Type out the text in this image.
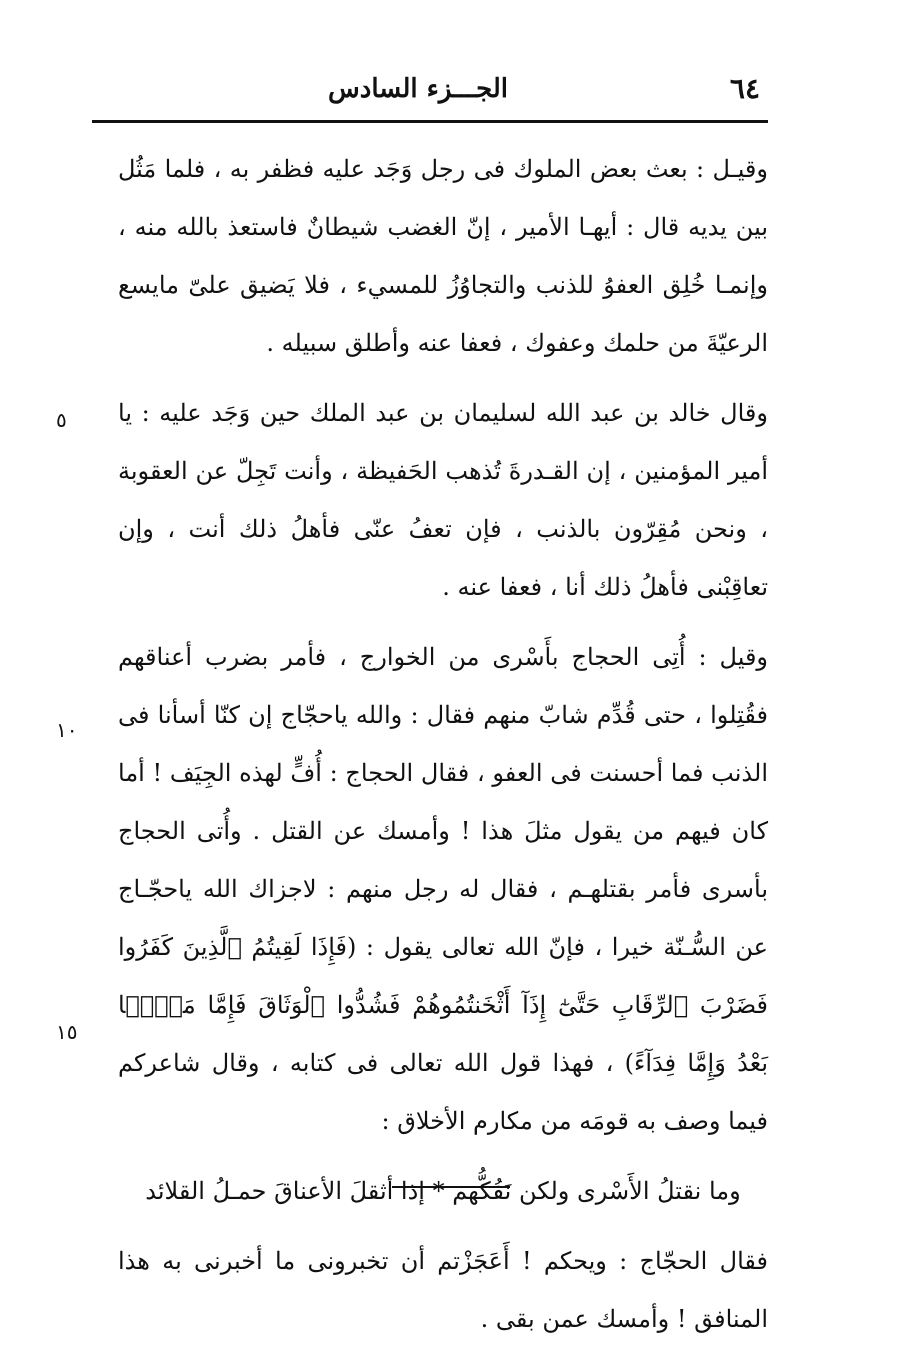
٦٤
الجـــزء السادس

وقيـل : بعث بعض الملوك فى رجل وَجَد عليه فظفر به ، فلما مَثُل بين يديه قال : أيهـا الأمير ، إنّ الغضب شيطانٌ فاستعذ بالله منه ، وإنمـا خُلِق العفوُ للذنب والتجاوُزُ للمسيء ، فلا يَضيق علىّ مايسع الرعيّةَ من حلمك وعفوك ، فعفا عنه وأطلق سبيله .

وقال خالد بن عبد الله لسليمان بن عبد الملك حين وَجَد عليه : يا أمير المؤمنين ، إن القـدرةَ تُذهب الحَفيظة ، وأنت تَجِلّ عن العقوبة ، ونحن مُقِرّون بالذنب ، فإن تعفُ عنّى فأهلُ ذلك أنت ، وإن تعاقِبْنى فأهلُ ذلك أنا ، فعفا عنه .

وقيل : أُتِى الحجاج بأَسْرى من الخوارج ، فأمر بضرب أعناقهم فقُتِلوا ، حتى قُدِّم شابّ منهم فقال : والله ياحجّاج إن كنّا أسأنا فى الذنب فما أحسنت فى العفو ، فقال الحجاج : أُفٍّ لهذه الجِيَف ! أما كان فيهم من يقول مثلَ هذا ! وأمسك عن القتل . وأُتى الحجاج بأسرى فأمر بقتلهـم ، فقال له رجل منهم : لاجزاك الله ياحجّـاج عن السُّـنّة خيرا ، فإنّ الله تعالى يقول : (فَإِذَا لَقِيتُمُ ٱلَّذِينَ كَفَرُوا فَضَرْبَ ٱلرِّقَابِ حَتَّىٰٓ إِذَآ أَثْخَنتُمُوهُمْ فَشُدُّوا ٱلْوَثَاقَ فَإِمَّا مَنًّۢا بَعْدُ وَإِمَّا فِدَآءً) ، فهذا قول الله تعالى فى كتابه ، وقال شاعركم فيما وصف به قومَه من مكارم الأخلاق :

وما نقتلُ الأَسْرى ولكن نَفُكُّهم * إذا أثقلَ الأعناقَ حمـلُ القلائد

فقال الحجّاج : ويحكم ! أَعَجَزْتم أن تخبرونى ما أخبرنى به هذا المنافق ! وأمسك عمن بقى .

٥
١٠
١٥
